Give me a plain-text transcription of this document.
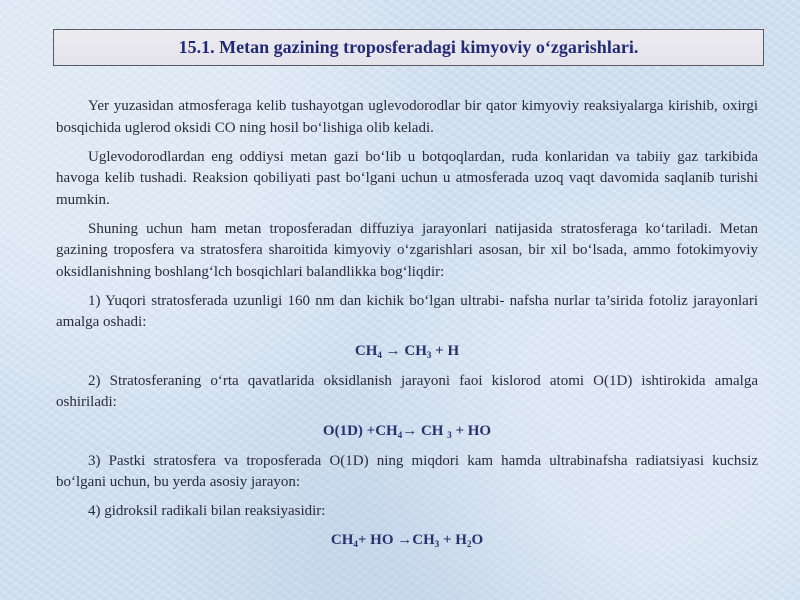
15.1. Metan gazining troposferadagi kimyoviy o‘zgarishlari.

Yer yuzasidan atmosferaga kelib tushayotgan uglevodorodlar bir qator kimyoviy reaksiyalarga kirishib, oxirgi bosqichida uglerod oksidi CO ning hosil bo‘lishiga olib keladi.

Uglevodorodlardan eng oddiysi metan gazi bo‘lib u botqoqlardan, ruda konlaridan va tabiiy gaz tarkibida havoga kelib tushadi. Reaksion qobiliyati past bo‘lgani uchun u atmosferada uzoq vaqt davomida saqlanib turishi mumkin.

Shuning uchun ham metan troposferadan diffuziya jarayonlari natijasida stratosferaga ko‘tariladi. Metan gazining troposfera va stratosfera sharoitida kimyoviy o‘zgarishlari asosan, bir xil bo‘lsada, ammo fotokimyoviy oksidlanishning boshlang‘lch bosqichlari balandlikka bog‘liqdir:

1) Yuqori stratosferada uzunligi 160 nm dan kichik bo‘lgan ultrabi- nafsha nurlar ta’sirida fotoliz jarayonlari amalga oshadi:

$CH_4 \to CH_3 + H$

2) Stratosferaning o‘rta qavatlarida oksidlanish jarayoni faoi kislorod atomi O(1D) ishtirokida amalga oshiriladi:

$O(1D) +CH_4\to$ CH $_3$ + HO

3) Pastki stratosfera va troposferada O(1D) ning miqdori kam hamda ultrabinafsha radiatsiyasi kuchsiz bo‘lgani uchun, bu yerda asosiy jarayon:

4) gidroksil radikali bilan reaksiyasidir:

$CH_4+$ HO $\to CH_3 + H_2O$
